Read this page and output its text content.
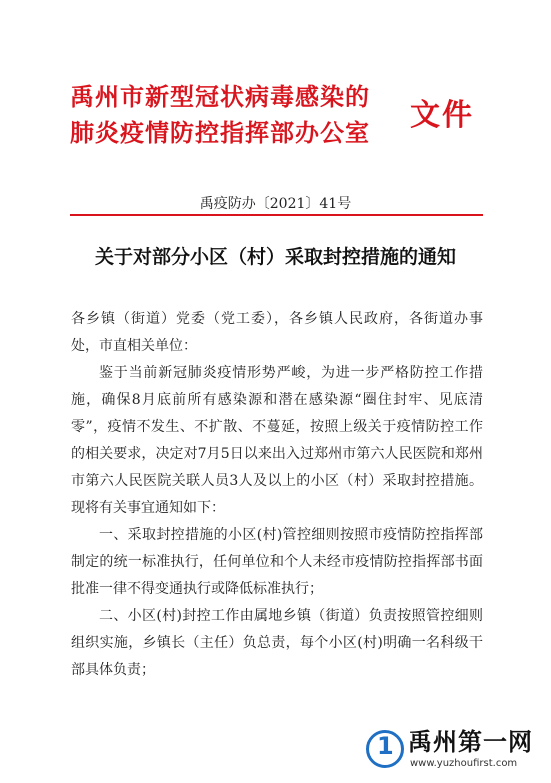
禹州市新型冠状病毒感染的
肺炎疫情防控指挥部办公室 文件
禹疫防办〔2021〕41号
关于对部分小区（村）采取封控措施的通知

各乡镇（街道）党委（党工委），各乡镇人民政府，各街道办事处，市直相关单位：

鉴于当前新冠肺炎疫情形势严峻，为进一步严格防控工作措施，确保8月底前所有感染源和潜在感染源“圈住封牢、见底清零”，疫情不发生、不扩散、不蔓延，按照上级关于疫情防控工作的相关要求，决定对7月5日以来出入过郑州市第六人民医院和郑州市第六人民医院关联人员3人及以上的小区（村）采取封控措施。现将有关事宜通知如下：

一、采取封控措施的小区(村)管控细则按照市疫情防控指挥部制定的统一标准执行，任何单位和个人未经市疫情防控指挥部书面批准一律不得变通执行或降低标准执行；

二、小区(村)封控工作由属地乡镇（街道）负责按照管控细则组织实施，乡镇长（主任）负总责，每个小区(村)明确一名科级干部具体负责；

1 禹州第一网
www.yuzhoufirst.com
